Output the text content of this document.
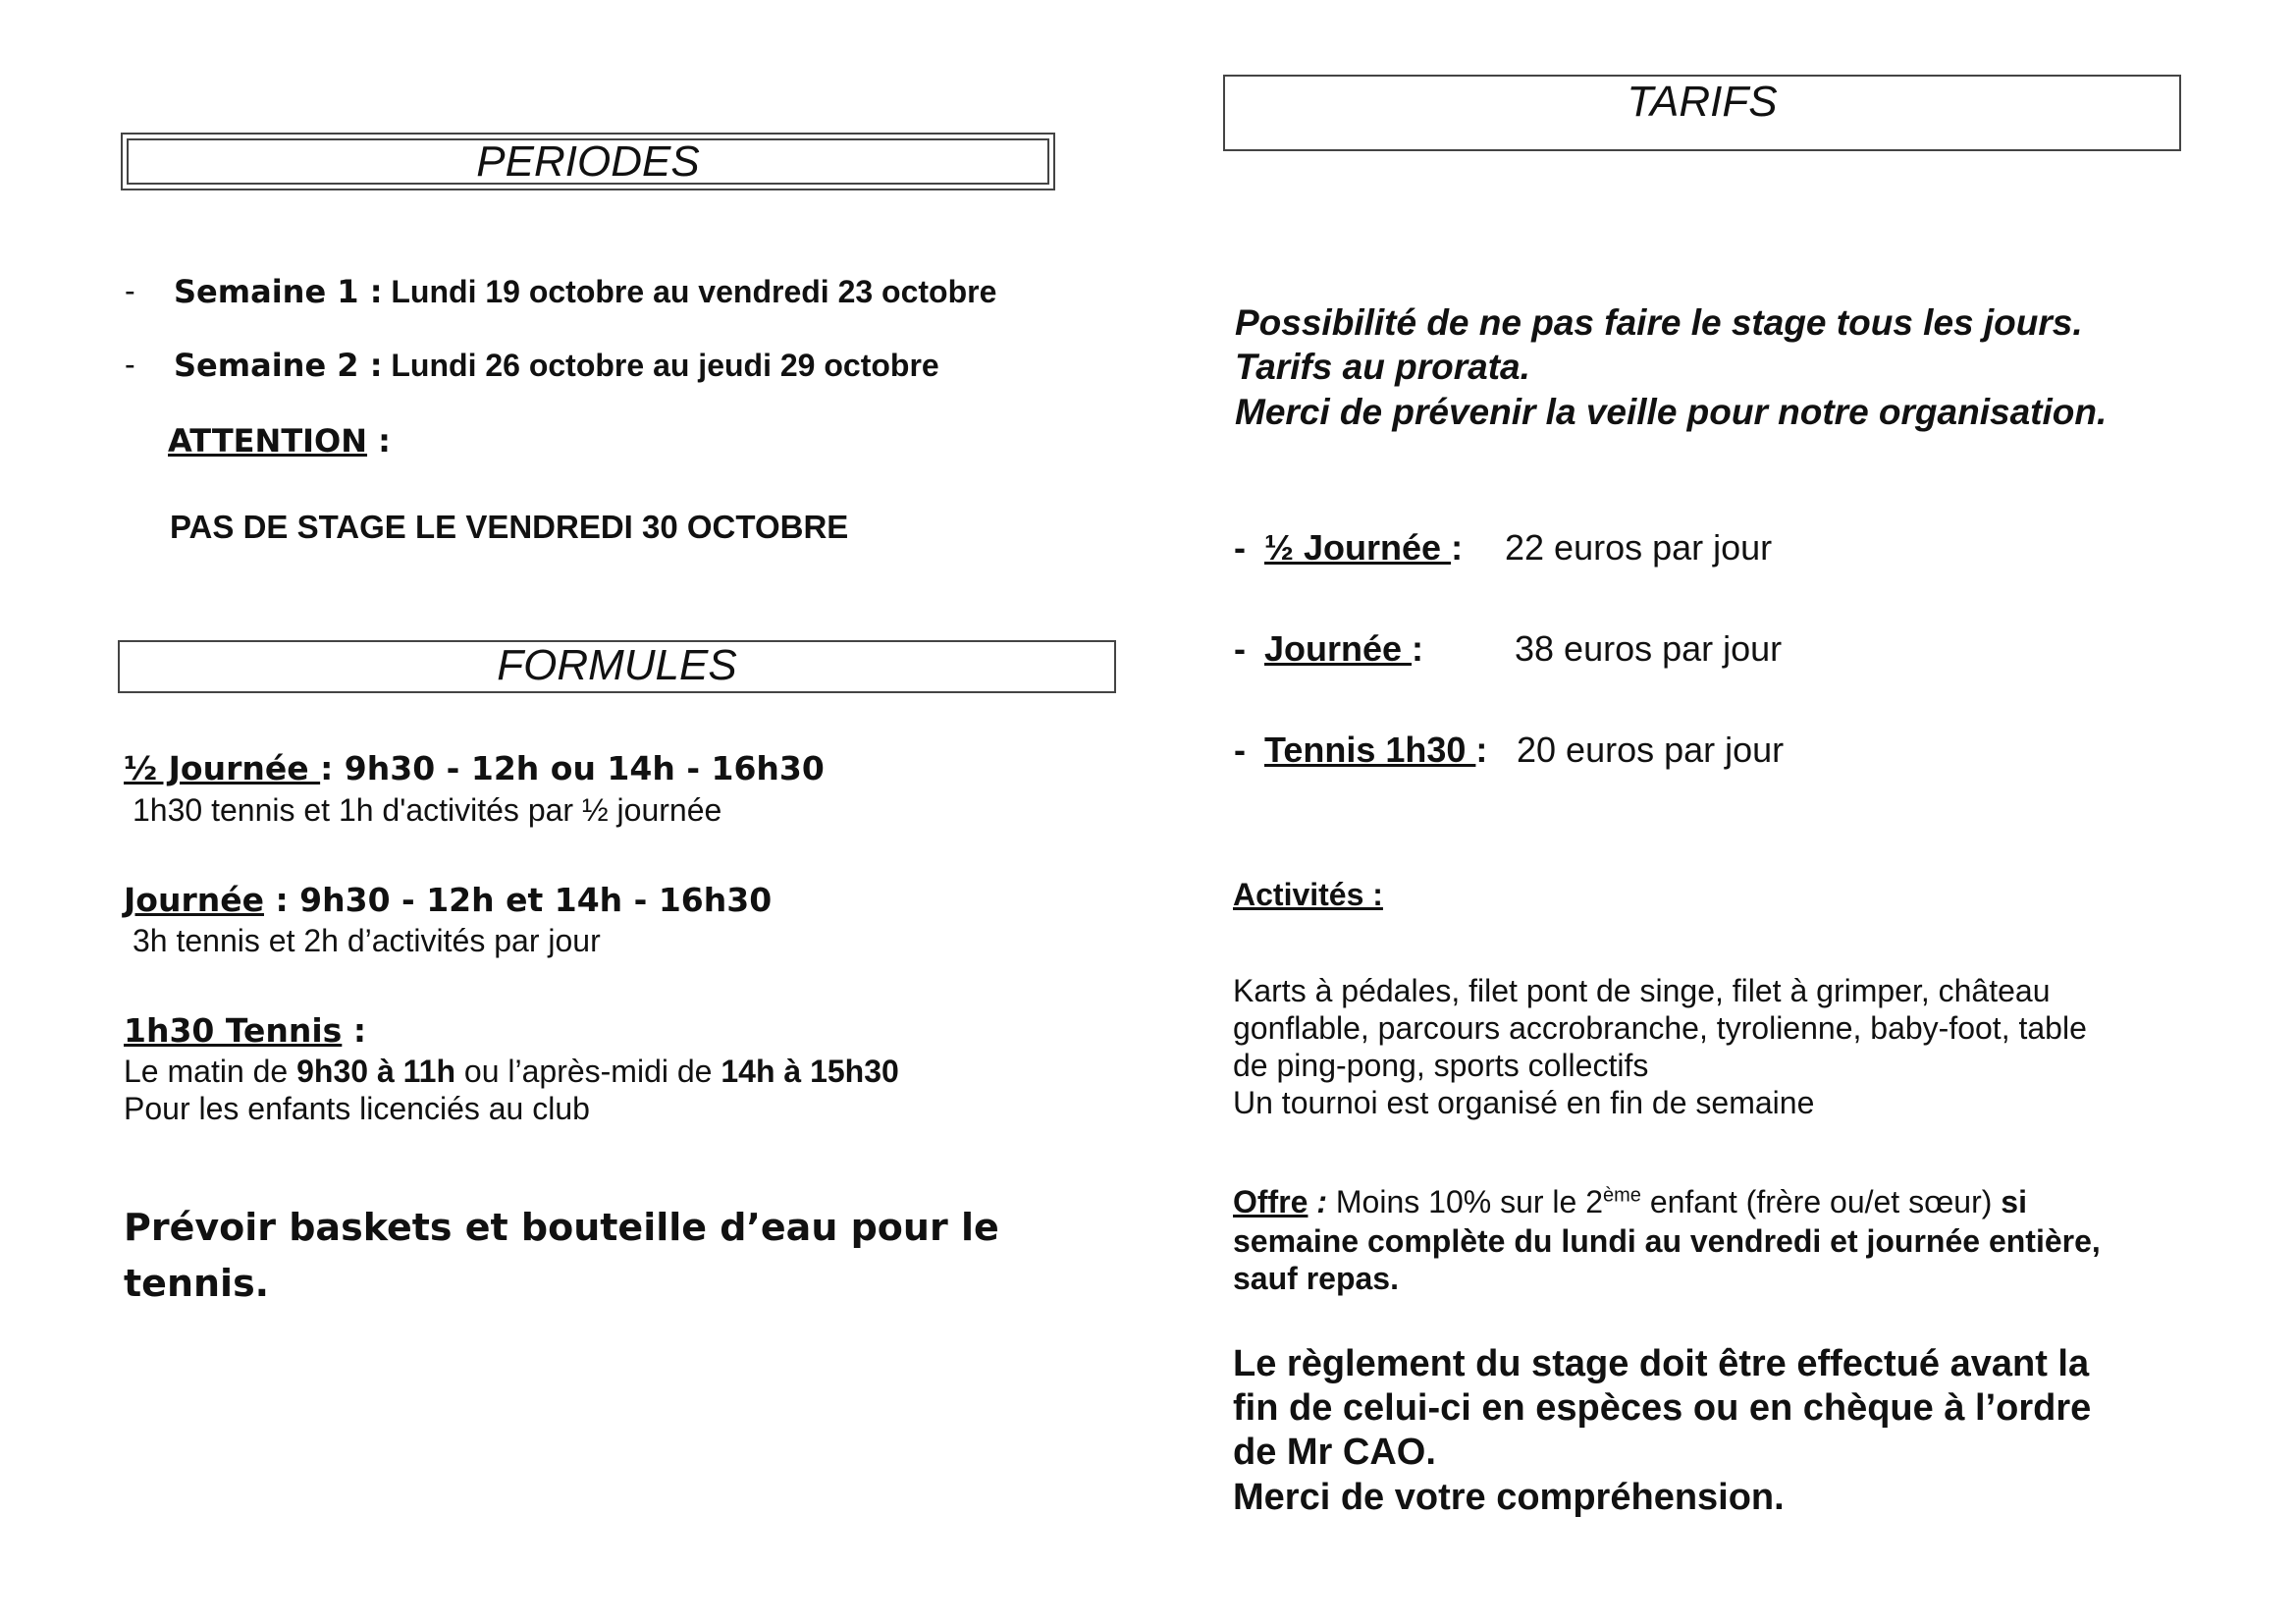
PERIODES
- Semaine 1 : Lundi 19 octobre au vendredi 23 octobre
- Semaine 2 : Lundi 26 octobre au jeudi 29 octobre
ATTENTION :
PAS DE STAGE LE VENDREDI 30 OCTOBRE
FORMULES
½ Journée : 9h30 - 12h ou 14h - 16h30
1h30 tennis et 1h d'activités par ½ journée
Journée : 9h30 - 12h et 14h - 16h30
3h tennis et 2h d’activités par jour
1h30 Tennis :
Le matin de 9h30 à 11h ou l’après-midi de 14h à 15h30
Pour les enfants licenciés au club
Prévoir baskets et bouteille d’eau pour le
tennis.
TARIFS
Possibilité de ne pas faire le stage tous les jours.
Tarifs au prorata.
Merci de prévenir la veille pour notre organisation.
- ½ Journée : 22 euros par jour
- Journée :	38 euros par jour
- Tennis 1h30 : 20 euros par jour
Activités :
Karts à pédales, filet pont de singe, filet à grimper, château
gonflable, parcours accrobranche, tyrolienne, baby-foot, table
de ping-pong, sports collectifs
Un tournoi est organisé en fin de semaine
Offre : Moins 10% sur le 2ème enfant (frère ou/et sœur) si
semaine complète du lundi au vendredi et journée entière,
sauf repas.
Le règlement du stage doit être effectué avant la
fin de celui-ci en espèces ou en chèque à l’ordre
de Mr CAO.
Merci de votre compréhension.
